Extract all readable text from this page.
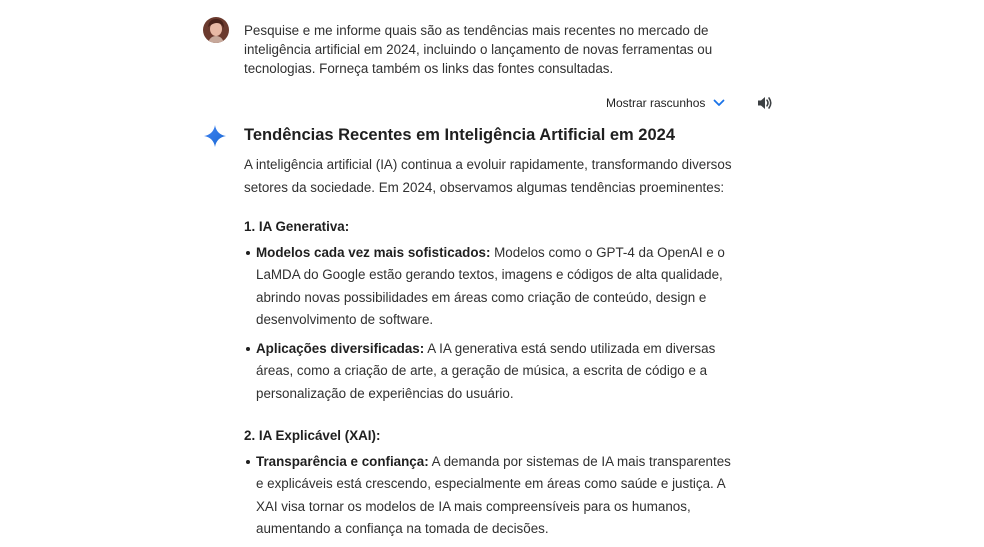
Pesquise e me informe quais são as tendências mais recentes no mercado de inteligência artificial em 2024, incluindo o lançamento de novas ferramentas ou tecnologias. Forneça também os links das fontes consultadas.
Mostrar rascunhos
Tendências Recentes em Inteligência Artificial em 2024

A inteligência artificial (IA) continua a evoluir rapidamente, transformando diversos setores da sociedade. Em 2024, observamos algumas tendências proeminentes:

1. IA Generativa:
Modelos cada vez mais sofisticados: Modelos como o GPT-4 da OpenAI e o LaMDA do Google estão gerando textos, imagens e códigos de alta qualidade, abrindo novas possibilidades em áreas como criação de conteúdo, design e desenvolvimento de software.
Aplicações diversificadas: A IA generativa está sendo utilizada em diversas áreas, como a criação de arte, a geração de música, a escrita de código e a personalização de experiências do usuário.
2. IA Explicável (XAI):
Transparência e confiança: A demanda por sistemas de IA mais transparentes e explicáveis está crescendo, especialmente em áreas como saúde e justiça. A XAI visa tornar os modelos de IA mais compreensíveis para os humanos, aumentando a confiança na tomada de decisões.
